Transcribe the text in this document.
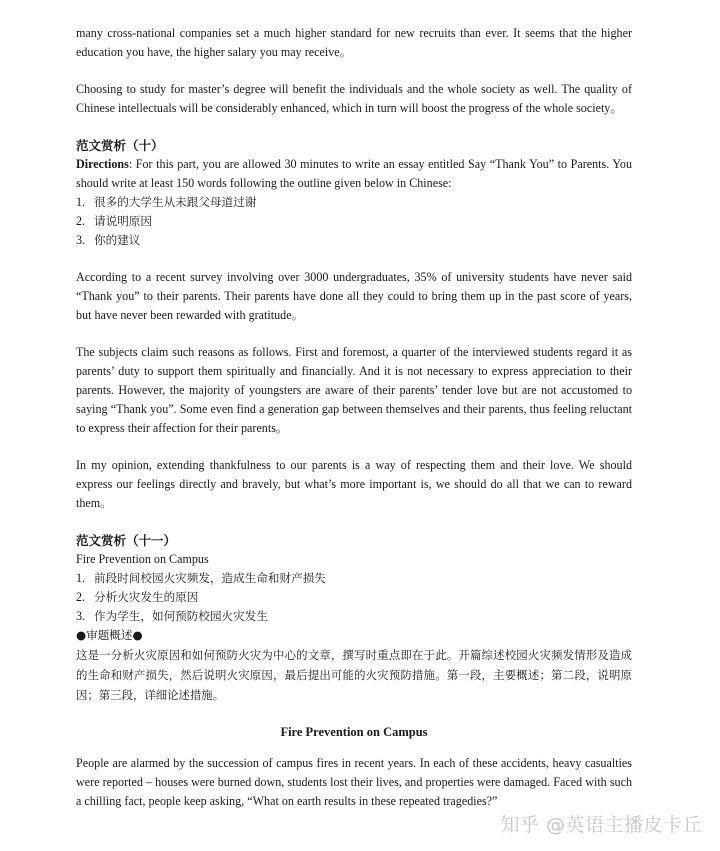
many cross-national companies set a much higher standard for new recruits than ever. It seems that the higher education you have, the higher salary you may receive。

Choosing to study for master’s degree will benefit the individuals and the whole society as well. The quality of Chinese intellectuals will be considerably enhanced, which in turn will boost the progress of the whole society。

范文赏析（十）

Directions: For this part, you are allowed 30 minutes to write an essay entitled Say “Thank You” to Parents. You should write at least 150 words following the outline given below in Chinese:

1. 很多的大学生从未跟父母道过谢

2. 请说明原因

3. 你的建议

According to a recent survey involving over 3000 undergraduates, 35% of university students have never said “Thank you” to their parents. Their parents have done all they could to bring them up in the past score of years, but have never been rewarded with gratitude。

The subjects claim such reasons as follows. First and foremost, a quarter of the interviewed students regard it as parents’ duty to support them spiritually and financially. And it is not necessary to express appreciation to their parents. However, the majority of youngsters are aware of their parents’ tender love but are not accustomed to saying “Thank you”. Some even find a generation gap between themselves and their parents, thus feeling reluctant to express their affection for their parents。

In my opinion, extending thankfulness to our parents is a way of respecting them and their love. We should express our feelings directly and bravely, but what’s more important is, we should do all that we can to reward them。

范文赏析（十一）

Fire Prevention on Campus

1. 前段时间校园火灾频发，造成生命和财产损失

2. 分析火灾发生的原因

3. 作为学生，如何预防校园火灾发生

●审题概述●

这是一分析火灾原因和如何预防火灾为中心的文章，撰写时重点即在于此。开篇综述校园火灾频发情形及造成的生命和财产损失，然后说明火灾原因，最后提出可能的火灾预防措施。第一段，主要概述；第二段，说明原因；第三段，详细论述措施。

Fire Prevention on Campus

People are alarmed by the succession of campus fires in recent years. In each of these accidents, heavy casualties were reported – houses were burned down, students lost their lives, and properties were damaged. Faced with such a chilling fact, people keep asking, “What on earth results in these repeated tragedies?”

知乎 @英语主播皮卡丘
